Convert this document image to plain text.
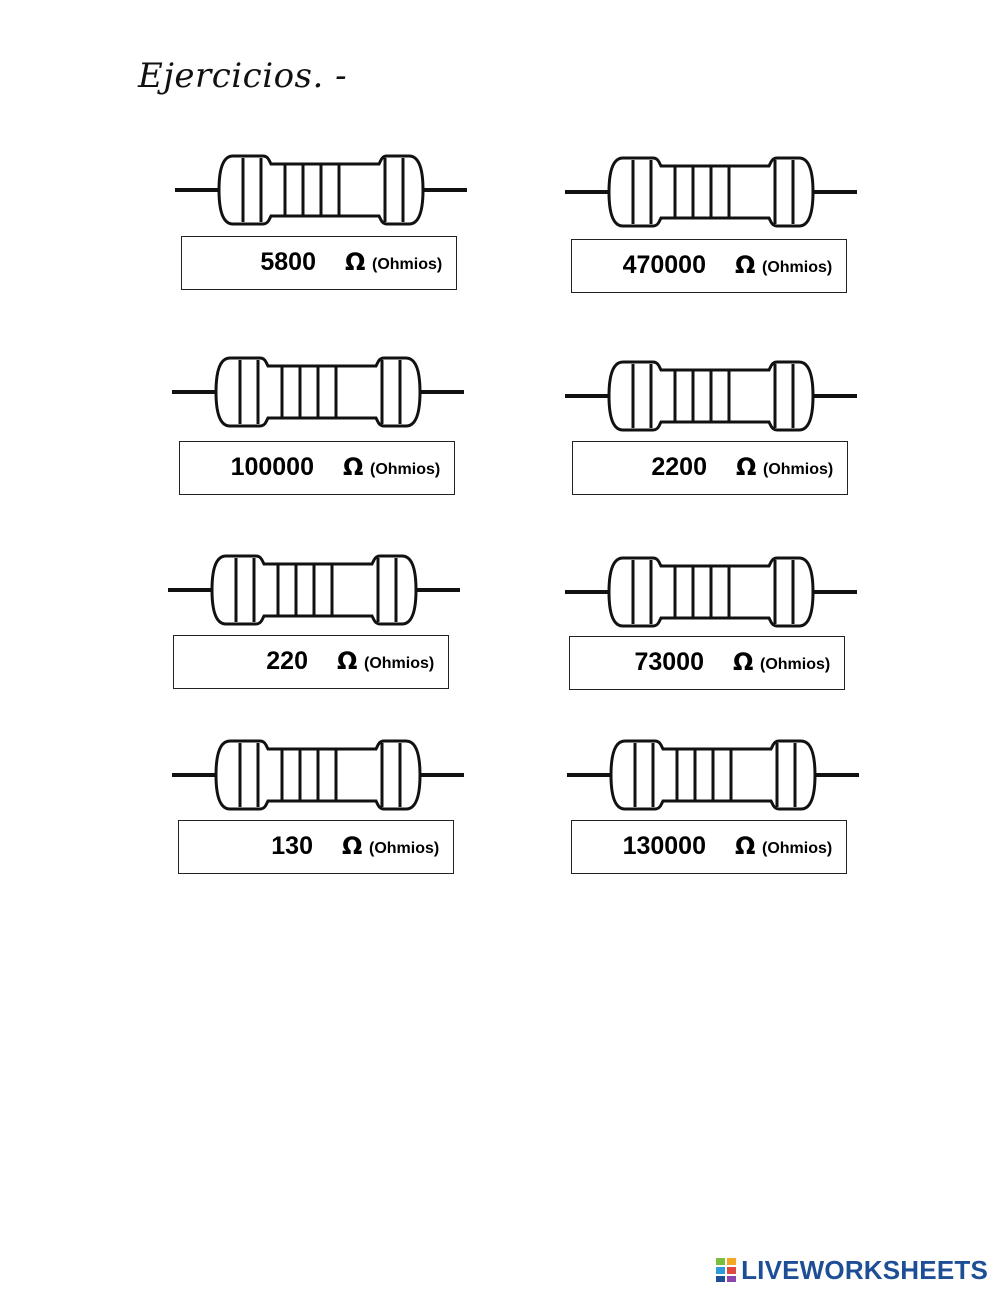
Ejercicios. -
5800 Ω (Ohmios)	470000 Ω (Ohmios)
100000 Ω (Ohmios)	2200 Ω (Ohmios)
220 Ω (Ohmios)	73000 Ω (Ohmios)
130 Ω (Ohmios)	130000 Ω (Ohmios)
LIVEWORKSHEETS
